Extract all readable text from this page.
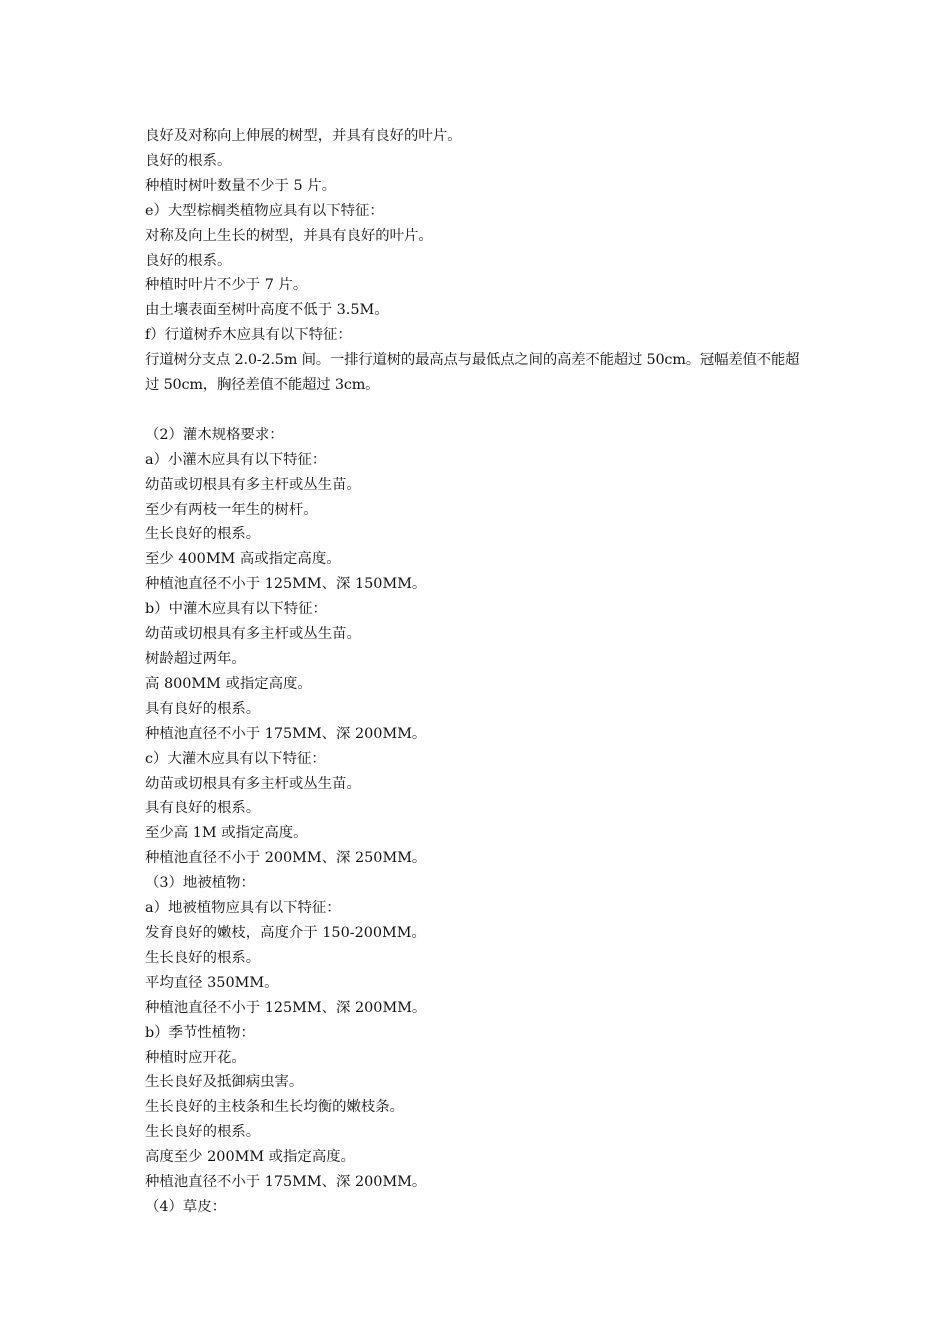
良好及对称向上伸展的树型，并具有良好的叶片。

良好的根系。

种植时树叶数量不少于 5 片。

e）大型棕榈类植物应具有以下特征：

对称及向上生长的树型，并具有良好的叶片。

良好的根系。

种植时叶片不少于 7 片。

由土壤表面至树叶高度不低于 3.5M。

f）行道树乔木应具有以下特征：

行道树分支点 2.0-2.5m 间。一排行道树的最高点与最低点之间的高差不能超过 50cm。冠幅差值不能超过 50cm，胸径差值不能超过 3cm。

（2）灌木规格要求：

a）小灌木应具有以下特征：

幼苗或切根具有多主杆或丛生苗。

至少有两枝一年生的树杆。

生长良好的根系。

至少 400MM 高或指定高度。

种植池直径不小于 125MM、深 150MM。

b）中灌木应具有以下特征：

幼苗或切根具有多主杆或丛生苗。

树龄超过两年。

高 800MM 或指定高度。

具有良好的根系。

种植池直径不小于 175MM、深 200MM。

c）大灌木应具有以下特征：

幼苗或切根具有多主杆或丛生苗。

具有良好的根系。

至少高 1M 或指定高度。

种植池直径不小于 200MM、深 250MM。

（3）地被植物：

a）地被植物应具有以下特征：

发育良好的嫩枝，高度介于 150-200MM。

生长良好的根系。

平均直径 350MM。

种植池直径不小于 125MM、深 200MM。

b）季节性植物：

种植时应开花。

生长良好及抵御病虫害。

生长良好的主枝条和生长均衡的嫩枝条。

生长良好的根系。

高度至少 200MM 或指定高度。

种植池直径不小于 175MM、深 200MM。

（4）草皮：
